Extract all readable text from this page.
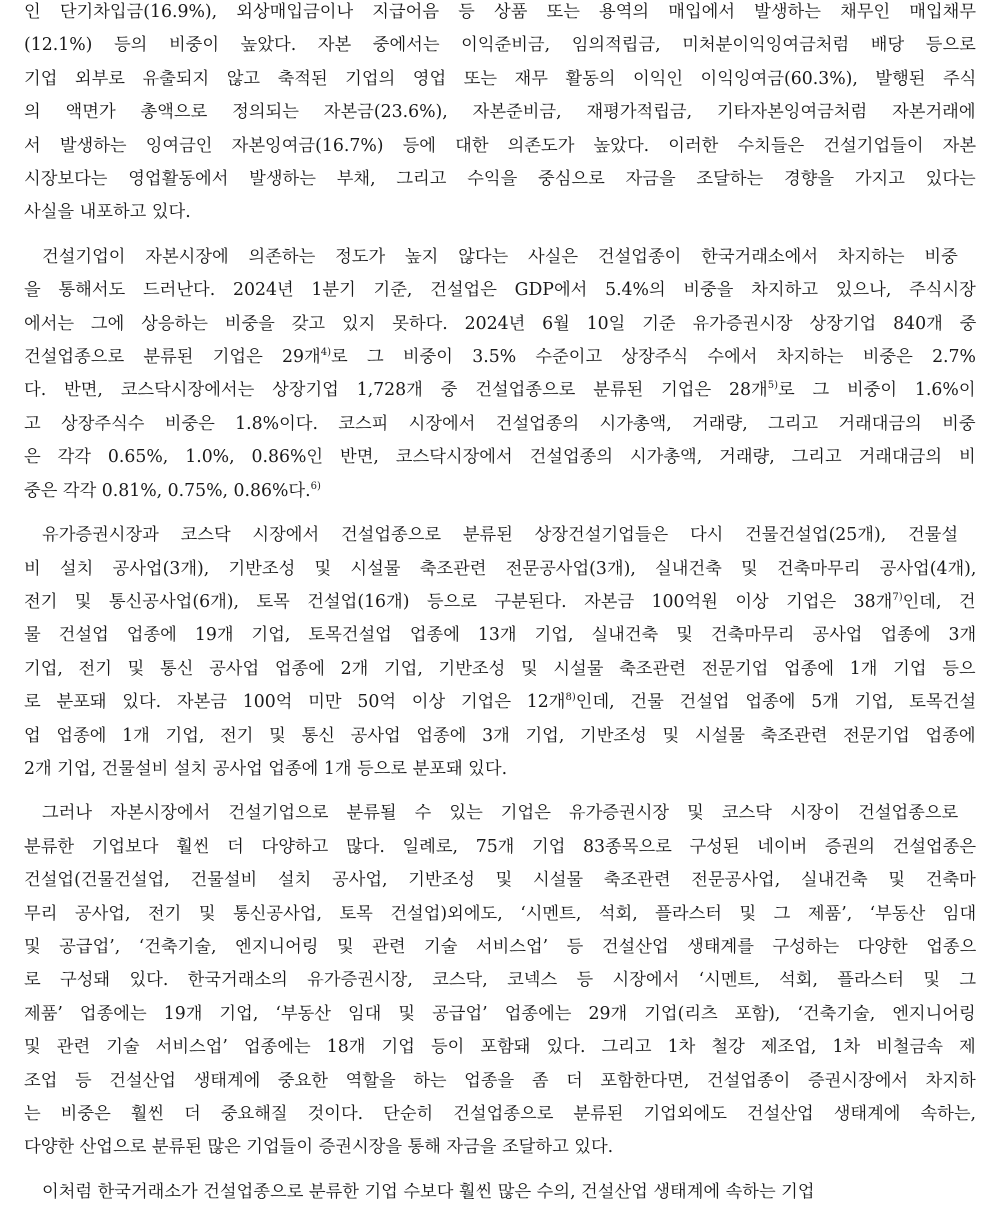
인 단기차입금(16.9%), 외상매입금이나 지급어음 등 상품 또는 용역의 매입에서 발생하는 채무인 매입채무
(12.1%) 등의 비중이 높았다. 자본 중에서는 이익준비금, 임의적립금, 미처분이익잉여금처럼 배당 등으로
기업 외부로 유출되지 않고 축적된 기업의 영업 또는 재무 활동의 이익인 이익잉여금(60.3%), 발행된 주식
의 액면가 총액으로 정의되는 자본금(23.6%), 자본준비금, 재평가적립금, 기타자본잉여금처럼 자본거래에
서 발생하는 잉여금인 자본잉여금(16.7%) 등에 대한 의존도가 높았다. 이러한 수치들은 건설기업들이 자본
시장보다는 영업활동에서 발생하는 부채, 그리고 수익을 중심으로 자금을 조달하는 경향을 가지고 있다는
사실을 내포하고 있다.
건설기업이 자본시장에 의존하는 정도가 높지 않다는 사실은 건설업종이 한국거래소에서 차지하는 비중
을 통해서도 드러난다. 2024년 1분기 기준, 건설업은 GDP에서 5.4%의 비중을 차지하고 있으나, 주식시장
에서는 그에 상응하는 비중을 갖고 있지 못하다. 2024년 6월 10일 기준 유가증권시장 상장기업 840개 중
건설업종으로 분류된 기업은 29개$^{4)}$로 그 비중이 3.5% 수준이고 상장주식 수에서 차지하는 비중은 2.7%
다. 반면, 코스닥시장에서는 상장기업 1,728개 중 건설업종으로 분류된 기업은 28개$^{5)}$로 그 비중이 1.6%이
고 상장주식수 비중은 1.8%이다. 코스피 시장에서 건설업종의 시가총액, 거래량, 그리고 거래대금의 비중
은 각각 0.65%, 1.0%, 0.86%인 반면, 코스닥시장에서 건설업종의 시가총액, 거래량, 그리고 거래대금의 비
중은 각각 0.81%, 0.75%, 0.86%다.$^{6)}$
유가증권시장과 코스닥 시장에서 건설업종으로 분류된 상장건설기업들은 다시 건물건설업(25개), 건물설
비 설치 공사업(3개), 기반조성 및 시설물 축조관련 전문공사업(3개), 실내건축 및 건축마무리 공사업(4개),
전기 및 통신공사업(6개), 토목 건설업(16개) 등으로 구분된다. 자본금 100억원 이상 기업은 38개$^{7)}$인데, 건
물 건설업 업종에 19개 기업, 토목건설업 업종에 13개 기업, 실내건축 및 건축마무리 공사업 업종에 3개
기업, 전기 및 통신 공사업 업종에 2개 기업, 기반조성 및 시설물 축조관련 전문기업 업종에 1개 기업 등으
로 분포돼 있다. 자본금 100억 미만 50억 이상 기업은 12개$^{8)}$인데, 건물 건설업 업종에 5개 기업, 토목건설
업 업종에 1개 기업, 전기 및 통신 공사업 업종에 3개 기업, 기반조성 및 시설물 축조관련 전문기업 업종에
2개 기업, 건물설비 설치 공사업 업종에 1개 등으로 분포돼 있다.
그러나 자본시장에서 건설기업으로 분류될 수 있는 기업은 유가증권시장 및 코스닥 시장이 건설업종으로
분류한 기업보다 훨씬 더 다양하고 많다. 일례로, 75개 기업 83종목으로 구성된 네이버 증권의 건설업종은
건설업(건물건설업, 건물설비 설치 공사업, 기반조성 및 시설물 축조관련 전문공사업, 실내건축 및 건축마
무리 공사업, 전기 및 통신공사업, 토목 건설업)외에도, ‘시멘트, 석회, 플라스터 및 그 제품’, ‘부동산 임대
및 공급업’, ‘건축기술, 엔지니어링 및 관련 기술 서비스업’ 등 건설산업 생태계를 구성하는 다양한 업종으
로 구성돼 있다. 한국거래소의 유가증권시장, 코스닥, 코넥스 등 시장에서 ‘시멘트, 석회, 플라스터 및 그
제품’ 업종에는 19개 기업, ‘부동산 임대 및 공급업’ 업종에는 29개 기업(리츠 포함), ‘건축기술, 엔지니어링
및 관련 기술 서비스업’ 업종에는 18개 기업 등이 포함돼 있다. 그리고 1차 철강 제조업, 1차 비철금속 제
조업 등 건설산업 생태계에 중요한 역할을 하는 업종을 좀 더 포함한다면, 건설업종이 증권시장에서 차지하
는 비중은 훨씬 더 중요해질 것이다. 단순히 건설업종으로 분류된 기업외에도 건설산업 생태계에 속하는,
다양한 산업으로 분류된 많은 기업들이 증권시장을 통해 자금을 조달하고 있다.
이처럼 한국거래소가 건설업종으로 분류한 기업 수보다 훨씬 많은 수의, 건설산업 생태계에 속하는 기업
